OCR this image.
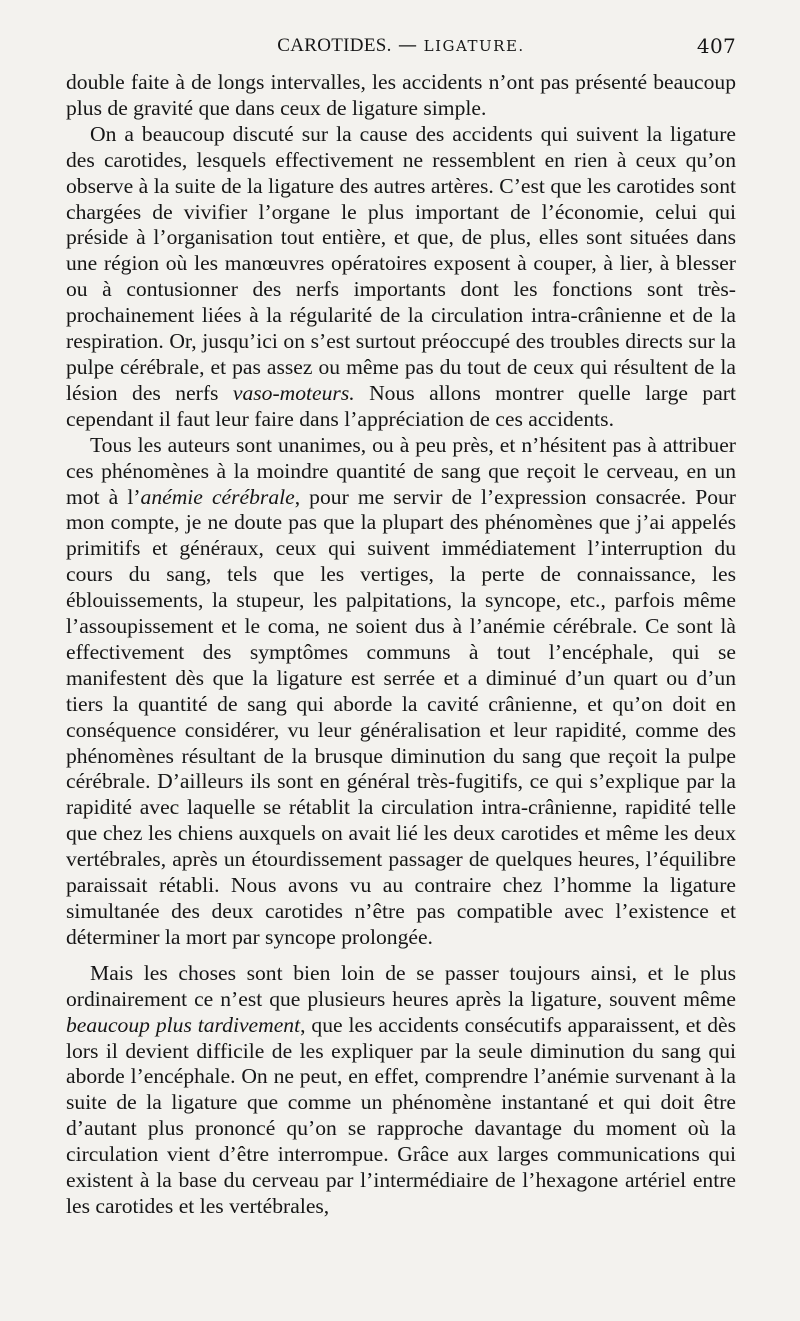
CAROTIDES. — LIGATURE.	407

double faite à de longs intervalles, les accidents n’ont pas présenté beaucoup plus de gravité que dans ceux de ligature simple.

On a beaucoup discuté sur la cause des accidents qui suivent la ligature des carotides, lesquels effectivement ne ressemblent en rien à ceux qu’on observe à la suite de la ligature des autres artères. C’est que les carotides sont chargées de vivifier l’organe le plus important de l’économie, celui qui préside à l’organisation tout entière, et que, de plus, elles sont situées dans une région où les manœuvres opératoires exposent à couper, à lier, à blesser ou à contusionner des nerfs importants dont les fonctions sont très-prochainement liées à la régularité de la circulation intra-crânienne et de la respiration. Or, jusqu’ici on s’est surtout préoccupé des troubles directs sur la pulpe cérébrale, et pas assez ou même pas du tout de ceux qui résultent de la lésion des nerfs vaso-moteurs. Nous allons montrer quelle large part cependant il faut leur faire dans l’appréciation de ces accidents.

Tous les auteurs sont unanimes, ou à peu près, et n’hésitent pas à attribuer ces phénomènes à la moindre quantité de sang que reçoit le cerveau, en un mot à l’anémie cérébrale, pour me servir de l’expression consacrée. Pour mon compte, je ne doute pas que la plupart des phénomènes que j’ai appelés primitifs et généraux, ceux qui suivent immédiatement l’interruption du cours du sang, tels que les vertiges, la perte de connaissance, les éblouissements, la stupeur, les palpitations, la syncope, etc., parfois même l’assoupissement et le coma, ne soient dus à l’anémie cérébrale. Ce sont là effectivement des symptômes communs à tout l’encéphale, qui se manifestent dès que la ligature est serrée et a diminué d’un quart ou d’un tiers la quantité de sang qui aborde la cavité crânienne, et qu’on doit en conséquence considérer, vu leur généralisation et leur rapidité, comme des phénomènes résultant de la brusque diminution du sang que reçoit la pulpe cérébrale. D’ailleurs ils sont en général très-fugitifs, ce qui s’explique par la rapidité avec laquelle se rétablit la circulation intra-crânienne, rapidité telle que chez les chiens auxquels on avait lié les deux carotides et même les deux vertébrales, après un étourdissement passager de quelques heures, l’équilibre paraissait rétabli. Nous avons vu au contraire chez l’homme la ligature simultanée des deux carotides n’être pas compatible avec l’existence et déterminer la mort par syncope prolongée.

Mais les choses sont bien loin de se passer toujours ainsi, et le plus ordinairement ce n’est que plusieurs heures après la ligature, souvent même beaucoup plus tardivement, que les accidents consécutifs apparaissent, et dès lors il devient difficile de les expliquer par la seule diminution du sang qui aborde l’encéphale. On ne peut, en effet, comprendre l’anémie survenant à la suite de la ligature que comme un phénomène instantané et qui doit être d’autant plus prononcé qu’on se rapproche davantage du moment où la circulation vient d’être interrompue. Grâce aux larges communications qui existent à la base du cerveau par l’intermédiaire de l’hexagone artériel entre les carotides et les vertébrales,
